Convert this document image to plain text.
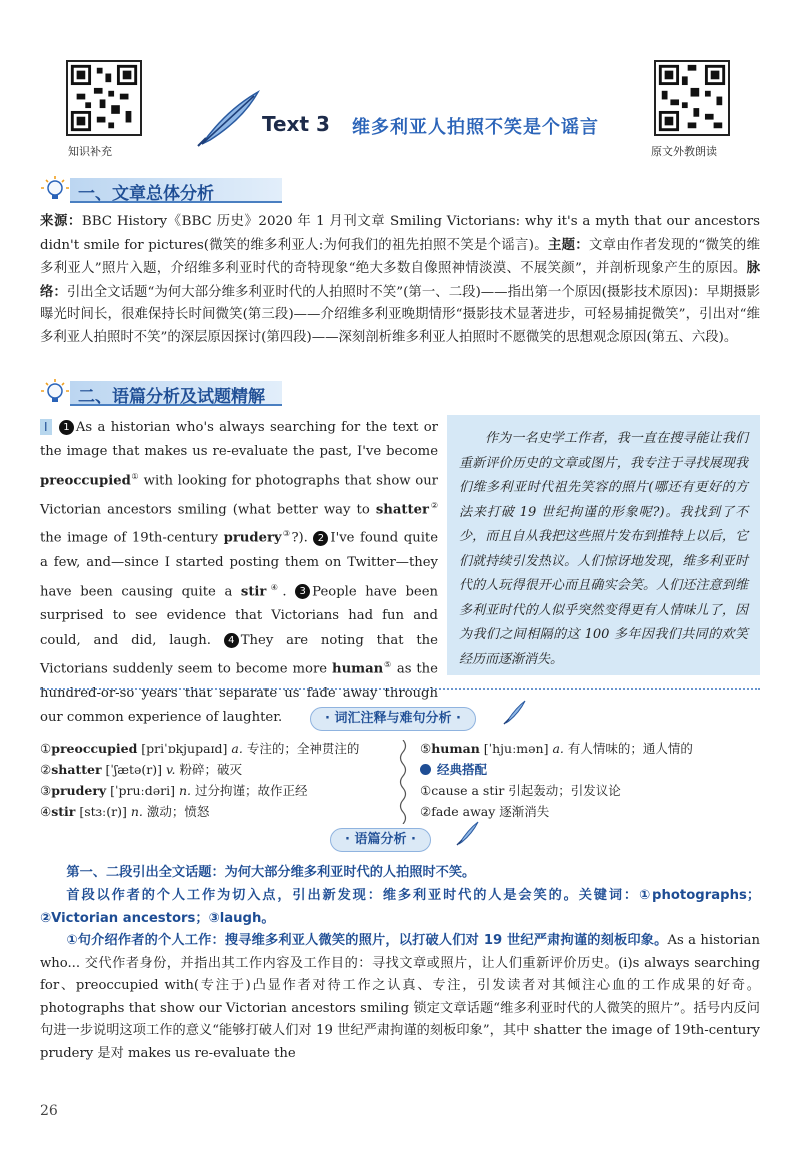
知识补充	原文外教朗读
Text 3 维多利亚人拍照不笑是个谣言
一、文章总体分析
来源：BBC History《BBC 历史》2020 年 1 月刊文章 Smiling Victorians: why it's a myth that our ancestors didn't smile for pictures(微笑的维多利亚人:为何我们的祖先拍照不笑是个谣言)。主题：文章由作者发现的“微笑的维多利亚人”照片入题，介绍维多利亚时代的奇特现象“绝大多数自像照神情淡漠、不展笑颜”，并剖析现象产生的原因。脉络：引出全文话题“为何大部分维多利亚时代的人拍照时不笑”(第一、二段)——指出第一个原因(摄影技术原因)：早期摄影曝光时间长，很难保持长时间微笑(第三段)——介绍维多利亚晚期情形“摄影技术显著进步，可轻易捕捉微笑”，引出对“维多利亚人拍照时不笑”的深层原因探讨(第四段)——深刻剖析维多利亚人拍照时不愿微笑的思想观念原因(第五、六段)。
二、语篇分析及试题精解
Ⅰ 1 As a historian who's always searching for the text or the image that makes us re-evaluate the past, I've become preoccupied① with looking for photographs that show our Victorian ancestors smiling (what better way to shatter② the image of 19th-century prudery③?). 2 I've found quite a few, and—since I started posting them on Twitter—they have been causing quite a stir④. 3 People have been surprised to see evidence that Victorians had fun and could, and did, laugh. 4 They are noting that the Victorians suddenly seem to become more human⑤ as the hundred-or-so years that separate us fade away through our common experience of laughter.

作为一名史学工作者，我一直在搜寻能让我们重新评价历史的文章或图片，我专注于寻找展现我们维多利亚时代祖先笑容的照片(哪还有更好的方法来打破 19 世纪拘谨的形象呢?)。我找到了不少，而且自从我把这些照片发布到推特上以后，它们就持续引发热议。人们惊讶地发现，维多利亚时代的人玩得很开心而且确实会笑。人们还注意到维多利亚时代的人似乎突然变得更有人情味儿了，因为我们之间相隔的这 100 多年因我们共同的欢笑经历而逐渐消失。

· 词汇注释与难句分析 ·
①preoccupied [priˈɒkjupaɪd] a. 专注的；全神贯注的
②shatter [ˈʃætə(r)] v. 粉碎；破灭
③prudery [ˈpruːdəri] n. 过分拘谨；故作正经
④stir [stɜː(r)] n. 激动；愤怒
⑤human [ˈhjuːmən] a. 有人情味的；通人情的
经典搭配
①cause a stir 引起轰动；引发议论
②fade away 逐渐消失
· 语篇分析 ·
第一、二段引出全文话题：为何大部分维多利亚时代的人拍照时不笑。
首段以作者的个人工作为切入点，引出新发现：维多利亚时代的人是会笑的。关键词：①photographs；②Victorian ancestors；③laugh。
①句介绍作者的个人工作：搜寻维多利亚人微笑的照片，以打破人们对 19 世纪严肃拘谨的刻板印象。As a historian who... 交代作者身份，并指出其工作内容及工作目的：寻找文章或照片，让人们重新评价历史。(i)s always searching for、preoccupied with(专注于)凸显作者对待工作之认真、专注，引发读者对其倾注心血的工作成果的好奇。photographs that show our Victorian ancestors smiling 锁定文章话题“维多利亚时代的人微笑的照片”。括号内反问句进一步说明这项工作的意义“能够打破人们对 19 世纪严肃拘谨的刻板印象”，其中 shatter the image of 19th-century prudery 是对 makes us re-evaluate the
26
